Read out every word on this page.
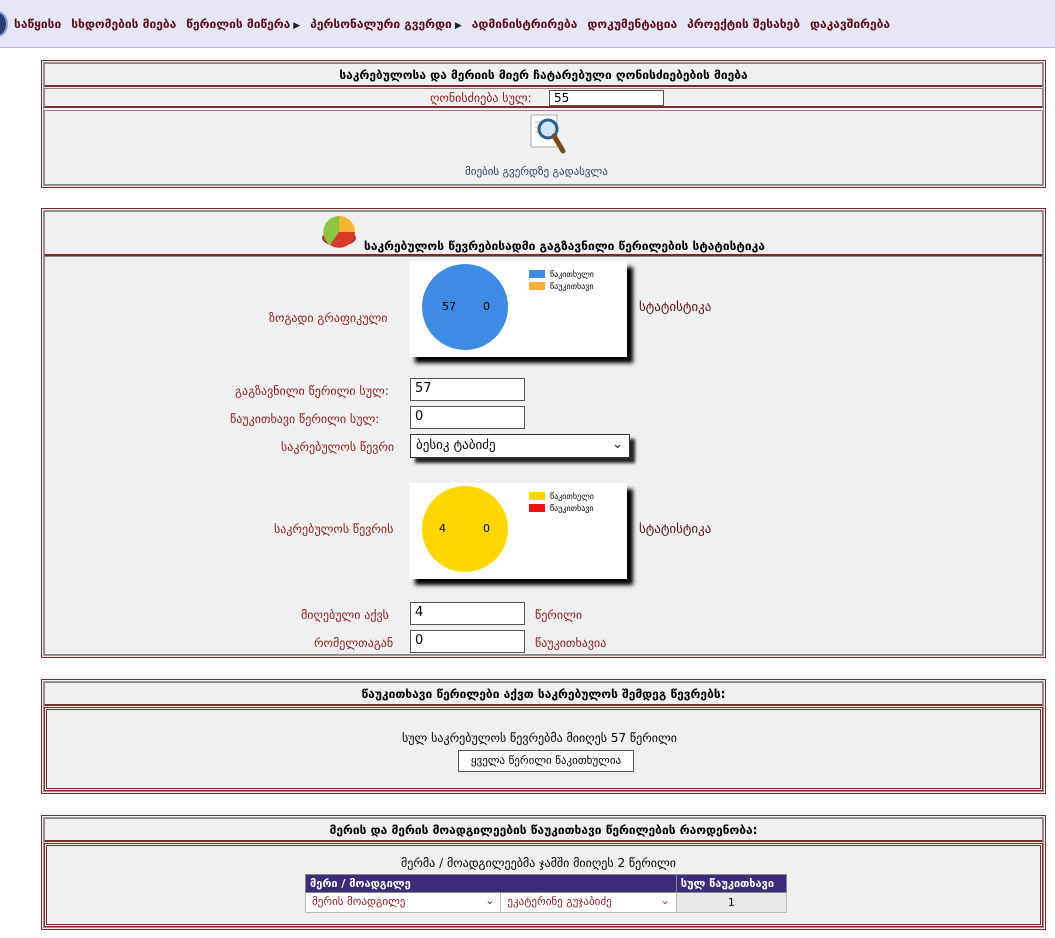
საწყისი სხდომების მიება წერილის მიწერა ▶ პერსონალური გვერდი ▶ ადმინისტრირება დოკუმენტაცია პროექტის შესახებ დაკავშირება
საკრებულოსა და მერიის მიერ ჩატარებული ღონისძიებების მიება
ღონისძიება სულ:	55
მიების გვერდზე გადასვლა
საკრებულოს წევრებისადმი გაგზავნილი წერილების სტატისტიკა
ზოგადი გრაფიკული
57 0
წაკითხული
წაუკითხავი
სტატისტიკა
გაგზავნილი წერილი სულ:	57
წაუკითხავი წერილი სულ:	0
საკრებულოს წევრი	ბესიკ ტაბიძე	⌄
საკრებულოს წევრის	4	0
წაკითხული
წაუკითხავი
სტატისტიკა
მიღებული აქვს	4	წერილი
რომელთაგან	0	წაუკითხავია
წაუკითხავი წერილები აქვთ საკრებულოს შემდეგ წევრებს:
სულ საკრებულოს წევრებმა მიიღეს 57 წერილი
ყველა წერილი წაკითხულია
მერის და მერის მოადგილეების წაუკითხავი წერილების რაოდენობა:
მერმა / მოადგილეებმა ჯამში მიიღეს 2 წერილი
მერი / მოადგილე		სულ წაუკითხავი

მერის მოადგილე ⌄	ეკატერინე გუჯაბიძე ⌄	1
